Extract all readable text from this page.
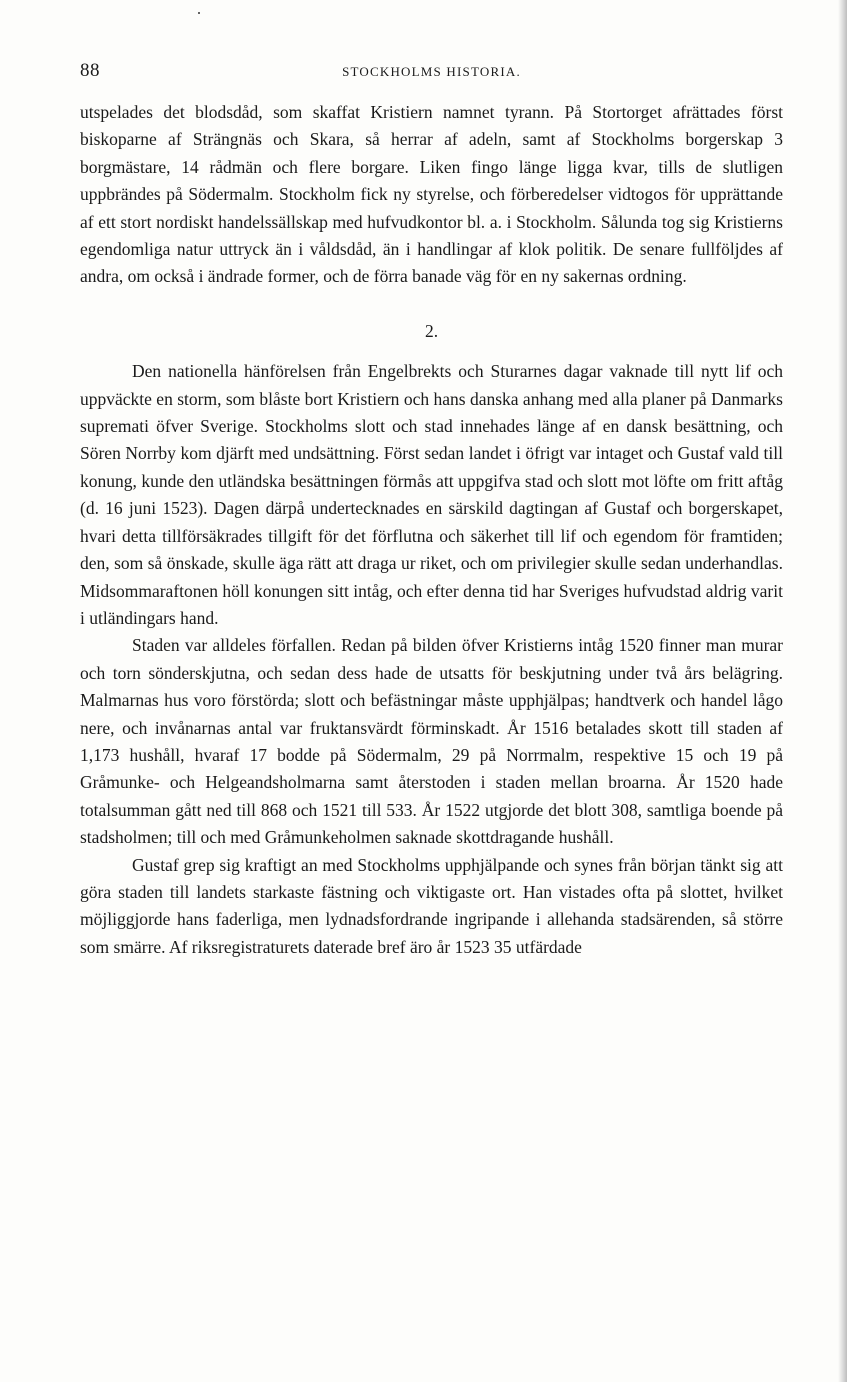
88	STOCKHOLMS HISTORIA.

utspelades det blodsdåd, som skaffat Kristiern namnet tyrann. På Stortorget afrättades först biskoparne af Strängnäs och Skara, så herrar af adeln, samt af Stockholms borgerskap 3 borgmästare, 14 rådmän och flere borgare. Liken fingo länge ligga kvar, tills de slutligen uppbrändes på Södermalm. Stockholm fick ny styrelse, och förberedelser vidtogos för upprättande af ett stort nordiskt handelssällskap med hufvudkontor bl. a. i Stockholm. Sålunda tog sig Kristierns egendomliga natur uttryck än i våldsdåd, än i handlingar af klok politik. De senare fullföljdes af andra, om också i ändrade former, och de förra banade väg för en ny sakernas ordning.

2.

Den nationella hänförelsen från Engelbrekts och Sturarnes dagar vaknade till nytt lif och uppväckte en storm, som blåste bort Kristiern och hans danska anhang med alla planer på Danmarks suprematі öfver Sverige. Stockholms slott och stad innehades länge af en dansk besättning, och Sören Norrby kom djärft med undsättning. Först sedan landet i öfrigt var intaget och Gustaf vald till konung, kunde den utländska besättningen förmås att uppgifva stad och slott mot löfte om fritt aftåg (d. 16 juni 1523). Dagen därpå undertecknades en särskild dagtingan af Gustaf och borgerskapet, hvari detta tillförsäkrades tillgift för det förflutna och säkerhet till lif och egendom för framtiden; den, som så önskade, skulle äga rätt att draga ur riket, och om privilegier skulle sedan underhandlas. Midsommaraftonen höll konungen sitt intåg, och efter denna tid har Sveriges hufvudstad aldrig varit i utländingars hand.

Staden var alldeles förfallen. Redan på bilden öfver Kristierns intåg 1520 finner man murar och torn sönderskjutna, och sedan dess hade de utsatts för beskjutning under två års belägring. Malmarnas hus voro förstörda; slott och befästningar måste upphjälpas; handtverk och handel lågo nere, och invånarnas antal var fruktansvärdt förminskadt. År 1516 betalades skott till staden af 1,173 hushåll, hvaraf 17 bodde på Södermalm, 29 på Norrmalm, respektive 15 och 19 på Gråmunke- och Helgeandsholmarna samt återstoden i staden mellan broarna. År 1520 hade totalsumman gått ned till 868 och 1521 till 533. År 1522 utgjorde det blott 308, samtliga boende på stadsholmen; till och med Gråmunkeholmen saknade skottdragande hushåll.

Gustaf grep sig kraftigt an med Stockholms upphjälpande och synes från början tänkt sig att göra staden till landets starkaste fästning och viktigaste ort. Han vistades ofta på slottet, hvilket möjliggjorde hans faderliga, men lydnadsfordrande ingripande i allehanda stadsärenden, så större som smärre. Af riksregistraturets daterade bref äro år 1523 35 utfärdade
